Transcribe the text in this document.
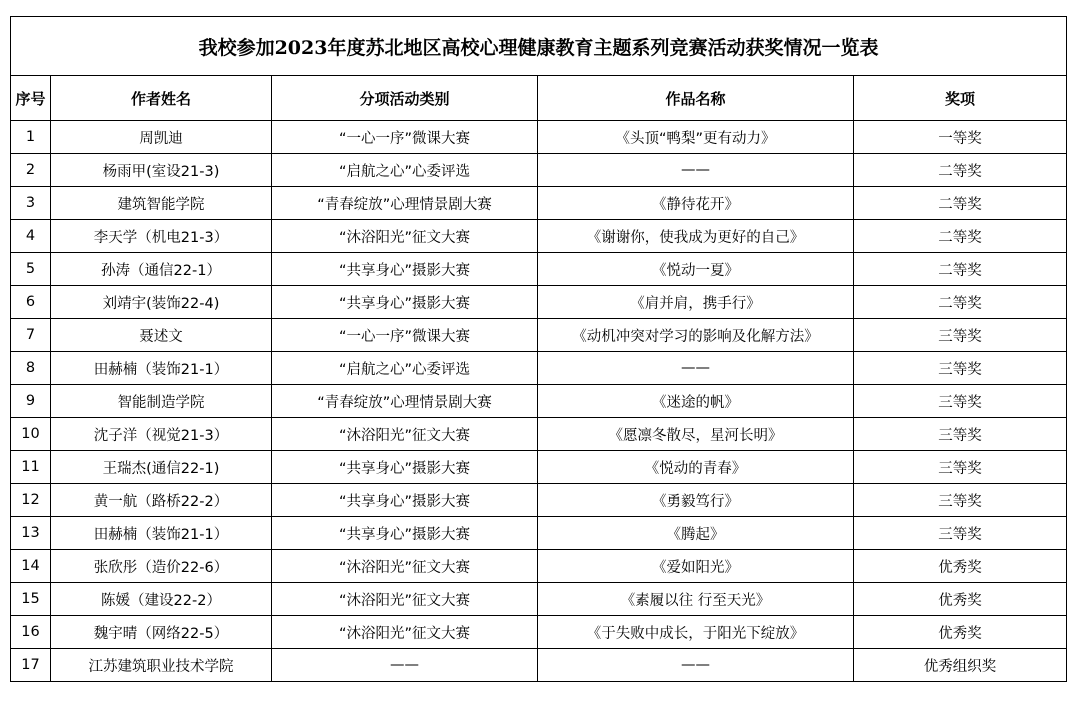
我校参加2023年度苏北地区高校心理健康教育主题系列竞赛活动获奖情况一览表				
序号	作者姓名	分项活动类别	作品名称	奖项
1	周凯迪	“一心一序”微课大赛	《头顶“鸭梨”更有动力》	一等奖
2	杨雨甲(室设21-3)	“启航之心”心委评选	——	二等奖
3	建筑智能学院	“青春绽放”心理情景剧大赛	《静待花开》	二等奖
4	李天学（机电21-3）	“沐浴阳光”征文大赛	《谢谢你，使我成为更好的自己》	二等奖
5	孙涛（通信22-1）	“共享身心”摄影大赛	《悦动一夏》	二等奖
6	刘靖宇(装饰22-4)	“共享身心”摄影大赛	《肩并肩，携手行》	二等奖
7	聂述文	“一心一序”微课大赛	《动机冲突对学习的影响及化解方法》	三等奖
8	田赫楠（装饰21-1）	“启航之心”心委评选	——	三等奖
9	智能制造学院	“青春绽放”心理情景剧大赛	《迷途的帆》	三等奖
10	沈子洋（视觉21-3）	“沐浴阳光”征文大赛	《愿凛冬散尽，星河长明》	三等奖
11	王瑞杰(通信22-1)	“共享身心”摄影大赛	《悦动的青春》	三等奖
12	黄一航（路桥22-2）	“共享身心”摄影大赛	《勇毅笃行》	三等奖
13	田赫楠（装饰21-1）	“共享身心”摄影大赛	《腾起》	三等奖
14	张欣彤（造价22-6）	“沐浴阳光”征文大赛	《爱如阳光》	优秀奖
15	陈媛（建设22-2）	“沐浴阳光”征文大赛	《素履以往 行至天光》	优秀奖
16	魏宇晴（网络22-5）	“沐浴阳光”征文大赛	《于失败中成长，于阳光下绽放》	优秀奖
17	江苏建筑职业技术学院	——	——	优秀组织奖
